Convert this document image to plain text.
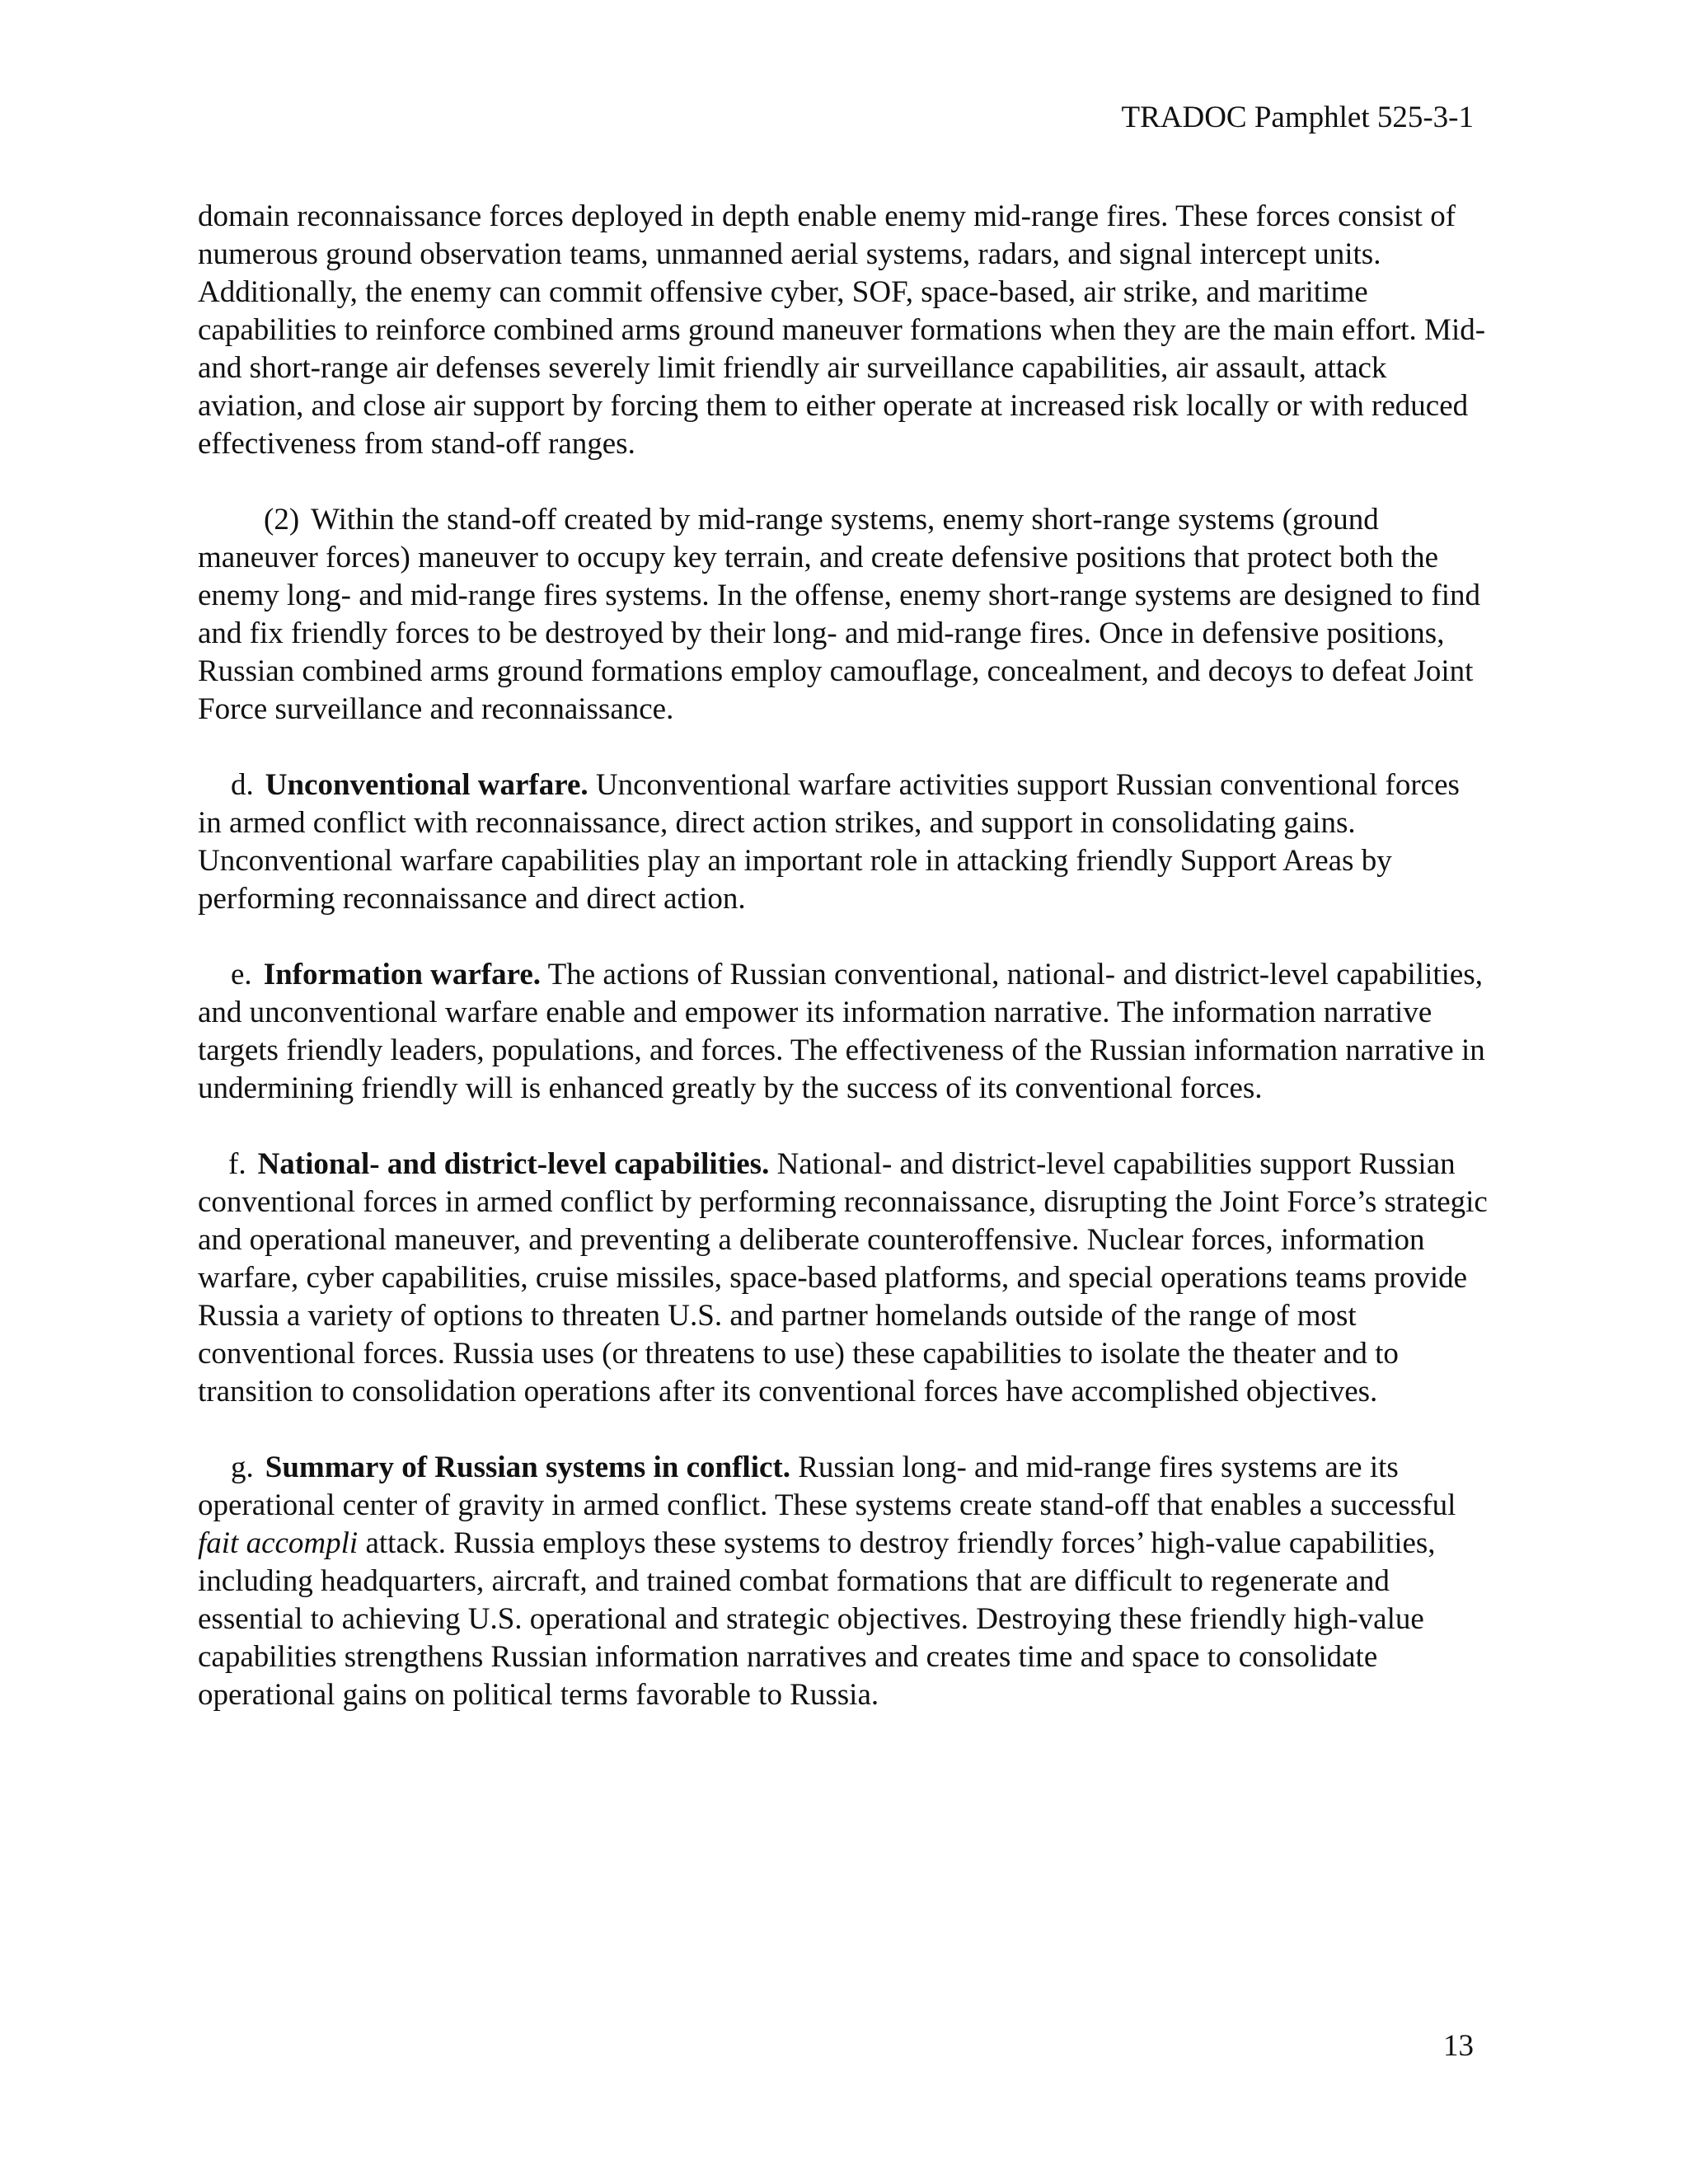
TRADOC Pamphlet 525-3-1

domain reconnaissance forces deployed in depth enable enemy mid-range fires. These forces consist of numerous ground observation teams, unmanned aerial systems, radars, and signal intercept units. Additionally, the enemy can commit offensive cyber, SOF, space-based, air strike, and maritime capabilities to reinforce combined arms ground maneuver formations when they are the main effort. Mid- and short-range air defenses severely limit friendly air surveillance capabilities, air assault, attack aviation, and close air support by forcing them to either operate at increased risk locally or with reduced effectiveness from stand-off ranges.

(2) Within the stand-off created by mid-range systems, enemy short-range systems (ground maneuver forces) maneuver to occupy key terrain, and create defensive positions that protect both the enemy long- and mid-range fires systems. In the offense, enemy short-range systems are designed to find and fix friendly forces to be destroyed by their long- and mid-range fires. Once in defensive positions, Russian combined arms ground formations employ camouflage, concealment, and decoys to defeat Joint Force surveillance and reconnaissance.

d. Unconventional warfare. Unconventional warfare activities support Russian conventional forces in armed conflict with reconnaissance, direct action strikes, and support in consolidating gains. Unconventional warfare capabilities play an important role in attacking friendly Support Areas by performing reconnaissance and direct action.

e. Information warfare. The actions of Russian conventional, national- and district-level capabilities, and unconventional warfare enable and empower its information narrative. The information narrative targets friendly leaders, populations, and forces. The effectiveness of the Russian information narrative in undermining friendly will is enhanced greatly by the success of its conventional forces.

f. National- and district-level capabilities. National- and district-level capabilities support Russian conventional forces in armed conflict by performing reconnaissance, disrupting the Joint Force’s strategic and operational maneuver, and preventing a deliberate counteroffensive. Nuclear forces, information warfare, cyber capabilities, cruise missiles, space-based platforms, and special operations teams provide Russia a variety of options to threaten U.S. and partner homelands outside of the range of most conventional forces. Russia uses (or threatens to use) these capabilities to isolate the theater and to transition to consolidation operations after its conventional forces have accomplished objectives.

g. Summary of Russian systems in conflict. Russian long- and mid-range fires systems are its operational center of gravity in armed conflict. These systems create stand-off that enables a successful fait accompli attack. Russia employs these systems to destroy friendly forces’ high-value capabilities, including headquarters, aircraft, and trained combat formations that are difficult to regenerate and essential to achieving U.S. operational and strategic objectives. Destroying these friendly high-value capabilities strengthens Russian information narratives and creates time and space to consolidate operational gains on political terms favorable to Russia.

13
